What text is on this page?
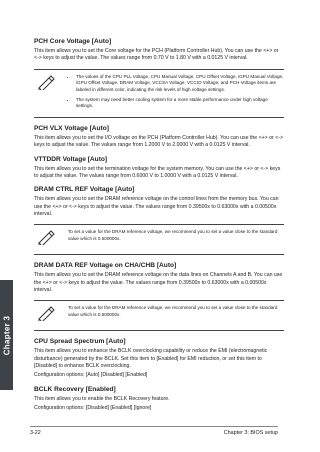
Chapter 3
PCH Core Voltage [Auto]

This item allows you to set the Core voltage for the PCH (Platform Controller Hub). You can use the <+> or <-> keys to adjust the value. The values range from 0.70 V to 1.80 V with a 0.0125 V interval.

• The values of the CPU PLL Voltage, CPU Manual Voltage, CPU Offset Voltage, iGPU Manual Voltage, iGPU Offset Voltage, DRAM Voltage, VCCSA Voltage, VCCIO Voltage, and PCH Voltage items are labeled in different color, indicating the risk levels of high voltage settings.
• The system may need better cooling system for a more stable performance under high voltage settings.
PCH VLX Voltage [Auto]

This item allows you to set the I/O voltage on the PCH (Platform Controller Hub). You can use the <+> or <-> keys to adjust the value. The values range from 1.2000 V to 2.0000 V with a 0.0125 V interval.

VTTDDR Voltage [Auto]

This item allows you to set the termination voltage for the system memory. You can use the <+> or <-> keys to adjust the value. The values range from 0.6000 V to 1.0000 V with a 0.0125 V interval.

DRAM CTRL REF Voltage [Auto]

This item allows you to set the DRAM reference voltage on the control lines from the memory bus. You can use the <+> or <-> keys to adjust the value. The values range from 0.39500x to 0.63000x with a 0.00500x interval.

To set a value for the DRAM reference voltage, we recommend you to set a value close to the standard value which is 0.500000x.
DRAM DATA REF Voltage on CHA/CHB [Auto]

This item allows you to set the DRAM reference voltage on the data lines on Channels A and B. You can use the <+> or <-> keys to adjust the value. The values range from 0.39500x to 0.63000x with a 0.00500x interval.

To set a value for the DRAM reference voltage, we recommend you to set a value close to the standard value which is 0.500000x.
CPU Spread Spectrum [Auto]

This item allows you to enhance the BCLK overclocking capability or reduce the EMI (electromagnetic disturbance) generated by the BCLK. Set this item to [Enabled] for EMI reduction, or set this item to [Disabled] to enhance BCLK overclocking.

Configuration options: [Auto] [Disabled] [Enabled]

BCLK Recovery [Enabled]

This item allows you to enable the BCLK Recovery feature.

Configuration options: [Disabled] [Enabled] [Ignore]

3-22	Chapter 3: BIOS setup
